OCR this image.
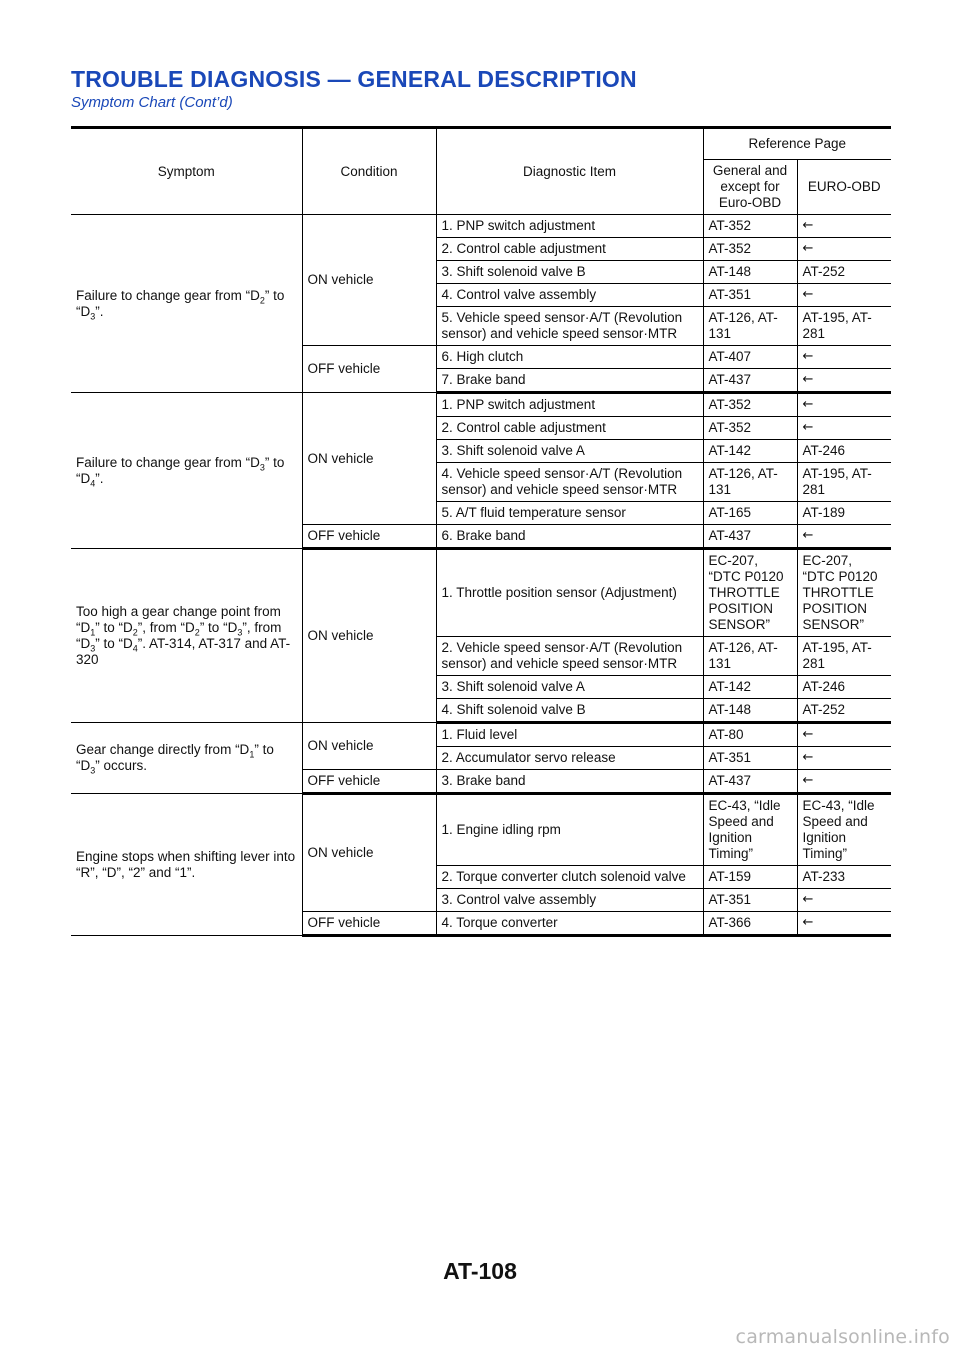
TROUBLE DIAGNOSIS — GENERAL DESCRIPTION
Symptom Chart (Cont’d)
Symptom	Condition	Diagnostic Item	Reference Page	
			General and except for Euro-OBD	EURO-OBD
Failure to change gear from “$D_2$” to “$D_3$”.	ON vehicle	1. PNP switch adjustment	AT-352	←
		2. Control cable adjustment	AT-352	←
		3. Shift solenoid valve B	AT-148	AT-252
		4. Control valve assembly	AT-351	←
		5. Vehicle speed sensor·A/T (Revolution sensor) and vehicle speed sensor·MTR	AT-126, AT-131	AT-195, AT-281
	OFF vehicle	6. High clutch	AT-407	←
		7. Brake band	AT-437	←
Failure to change gear from “$D_3$” to “$D_4$”.	ON vehicle	1. PNP switch adjustment	AT-352	←
		2. Control cable adjustment	AT-352	←
		3. Shift solenoid valve A	AT-142	AT-246
		4. Vehicle speed sensor·A/T (Revolution sensor) and vehicle speed sensor·MTR	AT-126, AT-131	AT-195, AT-281
		5. A/T fluid temperature sensor	AT-165	AT-189
	OFF vehicle	6. Brake band	AT-437	←
Too high a gear change point from “$D_1$” to “$D_2$”, from “$D_2$” to “$D_3$”, from “$D_3$” to “$D_4$”. AT-314, AT-317 and AT-320	ON vehicle	1. Throttle position sensor (Adjustment)	EC-207, “DTC P0120 THROTTLE POSITION SENSOR”	EC-207, “DTC P0120 THROTTLE POSITION SENSOR”
		2. Vehicle speed sensor·A/T (Revolution sensor) and vehicle speed sensor·MTR	AT-126, AT-131	AT-195, AT-281
		3. Shift solenoid valve A	AT-142	AT-246
		4. Shift solenoid valve B	AT-148	AT-252
Gear change directly from “$D_1$” to “$D_3$” occurs.	ON vehicle	1. Fluid level	AT-80	←
		2. Accumulator servo release	AT-351	←
	OFF vehicle	3. Brake band	AT-437	←
Engine stops when shifting lever into “R”, “D”, “2” and “1”.	ON vehicle	1. Engine idling rpm	EC-43, “Idle Speed and Ignition Timing”	EC-43, “Idle Speed and Ignition Timing”
		2. Torque converter clutch solenoid valve	AT-159	AT-233
		3. Control valve assembly	AT-351	←
	OFF vehicle	4. Torque converter	AT-366	←
AT-108
carmanualsonline.info
